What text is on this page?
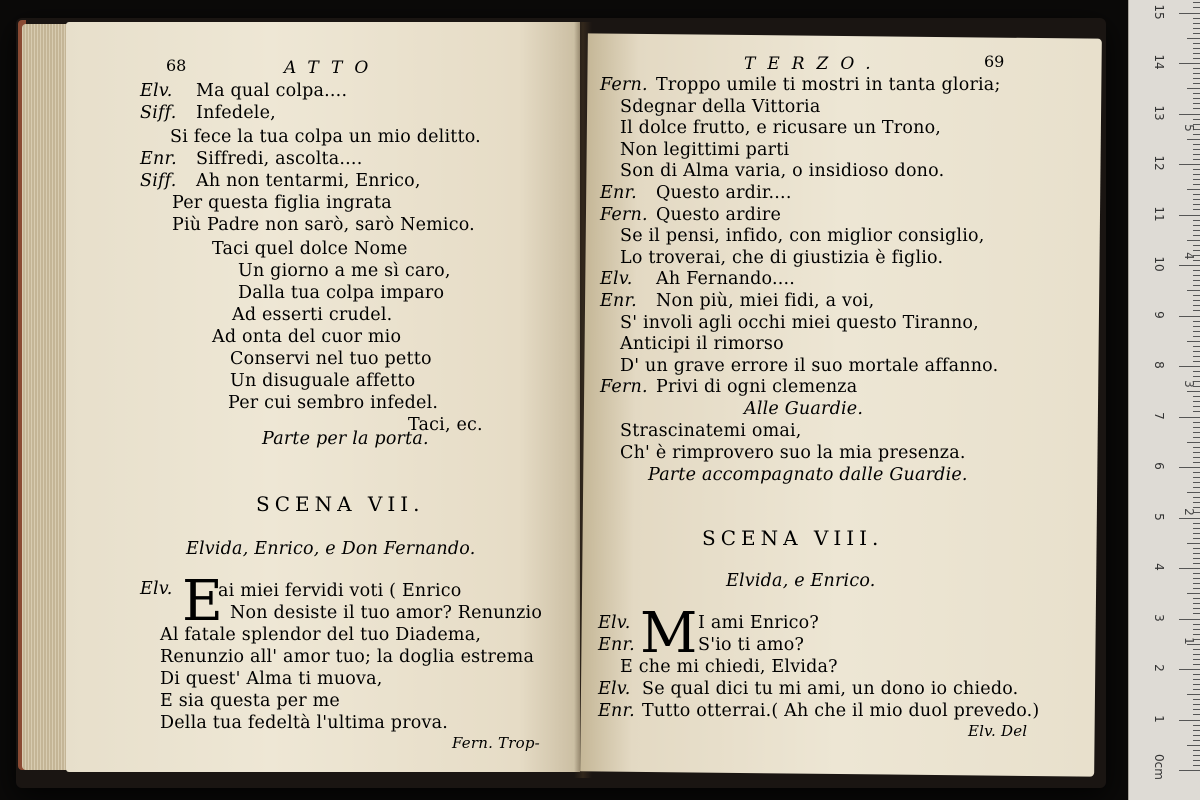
68	ATTO
Elv. Ma qual colpa....
Siff. Infedele,
Si fece la tua colpa un mio delitto.
Enr. Siffredi, ascolta....
Siff. Ah non tentarmi, Enrico,
Per questa figlia ingrata
Più Padre non sarò, sarò Nemico.
Taci quel dolce Nome
Un giorno a me sì caro,
Dalla tua colpa imparo
Ad esserti crudel.
Ad onta del cuor mio
Conservi nel tuo petto
Un disuguale affetto
Per cui sembro infedel.
Taci, ec.
Parte per la porta.
SCENA VII.
Elvida, Enrico, e Don Fernando.
Elv. E
ai miei fervidi voti ( Enrico
Non desiste il tuo amor? Renunzio
Al fatale splendor del tuo Diadema,
Renunzio all' amor tuo; la doglia estrema
Di quest' Alma ti muova,
E sia questa per me
Della tua fedeltà l'ultima prova.
Fern. Trop-
TERZO.	69
Fern. Troppo umile ti mostri in tanta gloria;
Sdegnar della Vittoria
Il dolce frutto, e ricusare un Trono,
Non legittimi parti
Son di Alma varia, o insidioso dono.
Enr. Questo ardir....
Fern. Questo ardire
Se il pensi, infido, con miglior consiglio,
Lo troverai, che di giustizia è figlio.
Elv. Ah Fernando....
Enr. Non più, miei fidi, a voi,
S' involi agli occhi miei questo Tiranno,
Anticipi il rimorso
D' un grave errore il suo mortale affanno.
Fern. Privi di ogni clemenza
Alle Guardie.
Strascinatemi omai,
Ch' è rimprovero suo la mia presenza.
Parte accompagnato dalle Guardie.
SCENA VIII.
Elvida, e Enrico.
M
Elv.	I ami Enrico?
Enr.	S'io ti amo?
E che mi chiedi, Elvida?
Elv. Se qual dici tu mi ami, un dono io chiedo.
Enr. Tutto otterrai.( Ah che il mio duol prevedo.)
Elv. Del
1
2
3
4
5
6
7
8
9
10
11
12
13
14
15
1
2
3
4
5
0cm
